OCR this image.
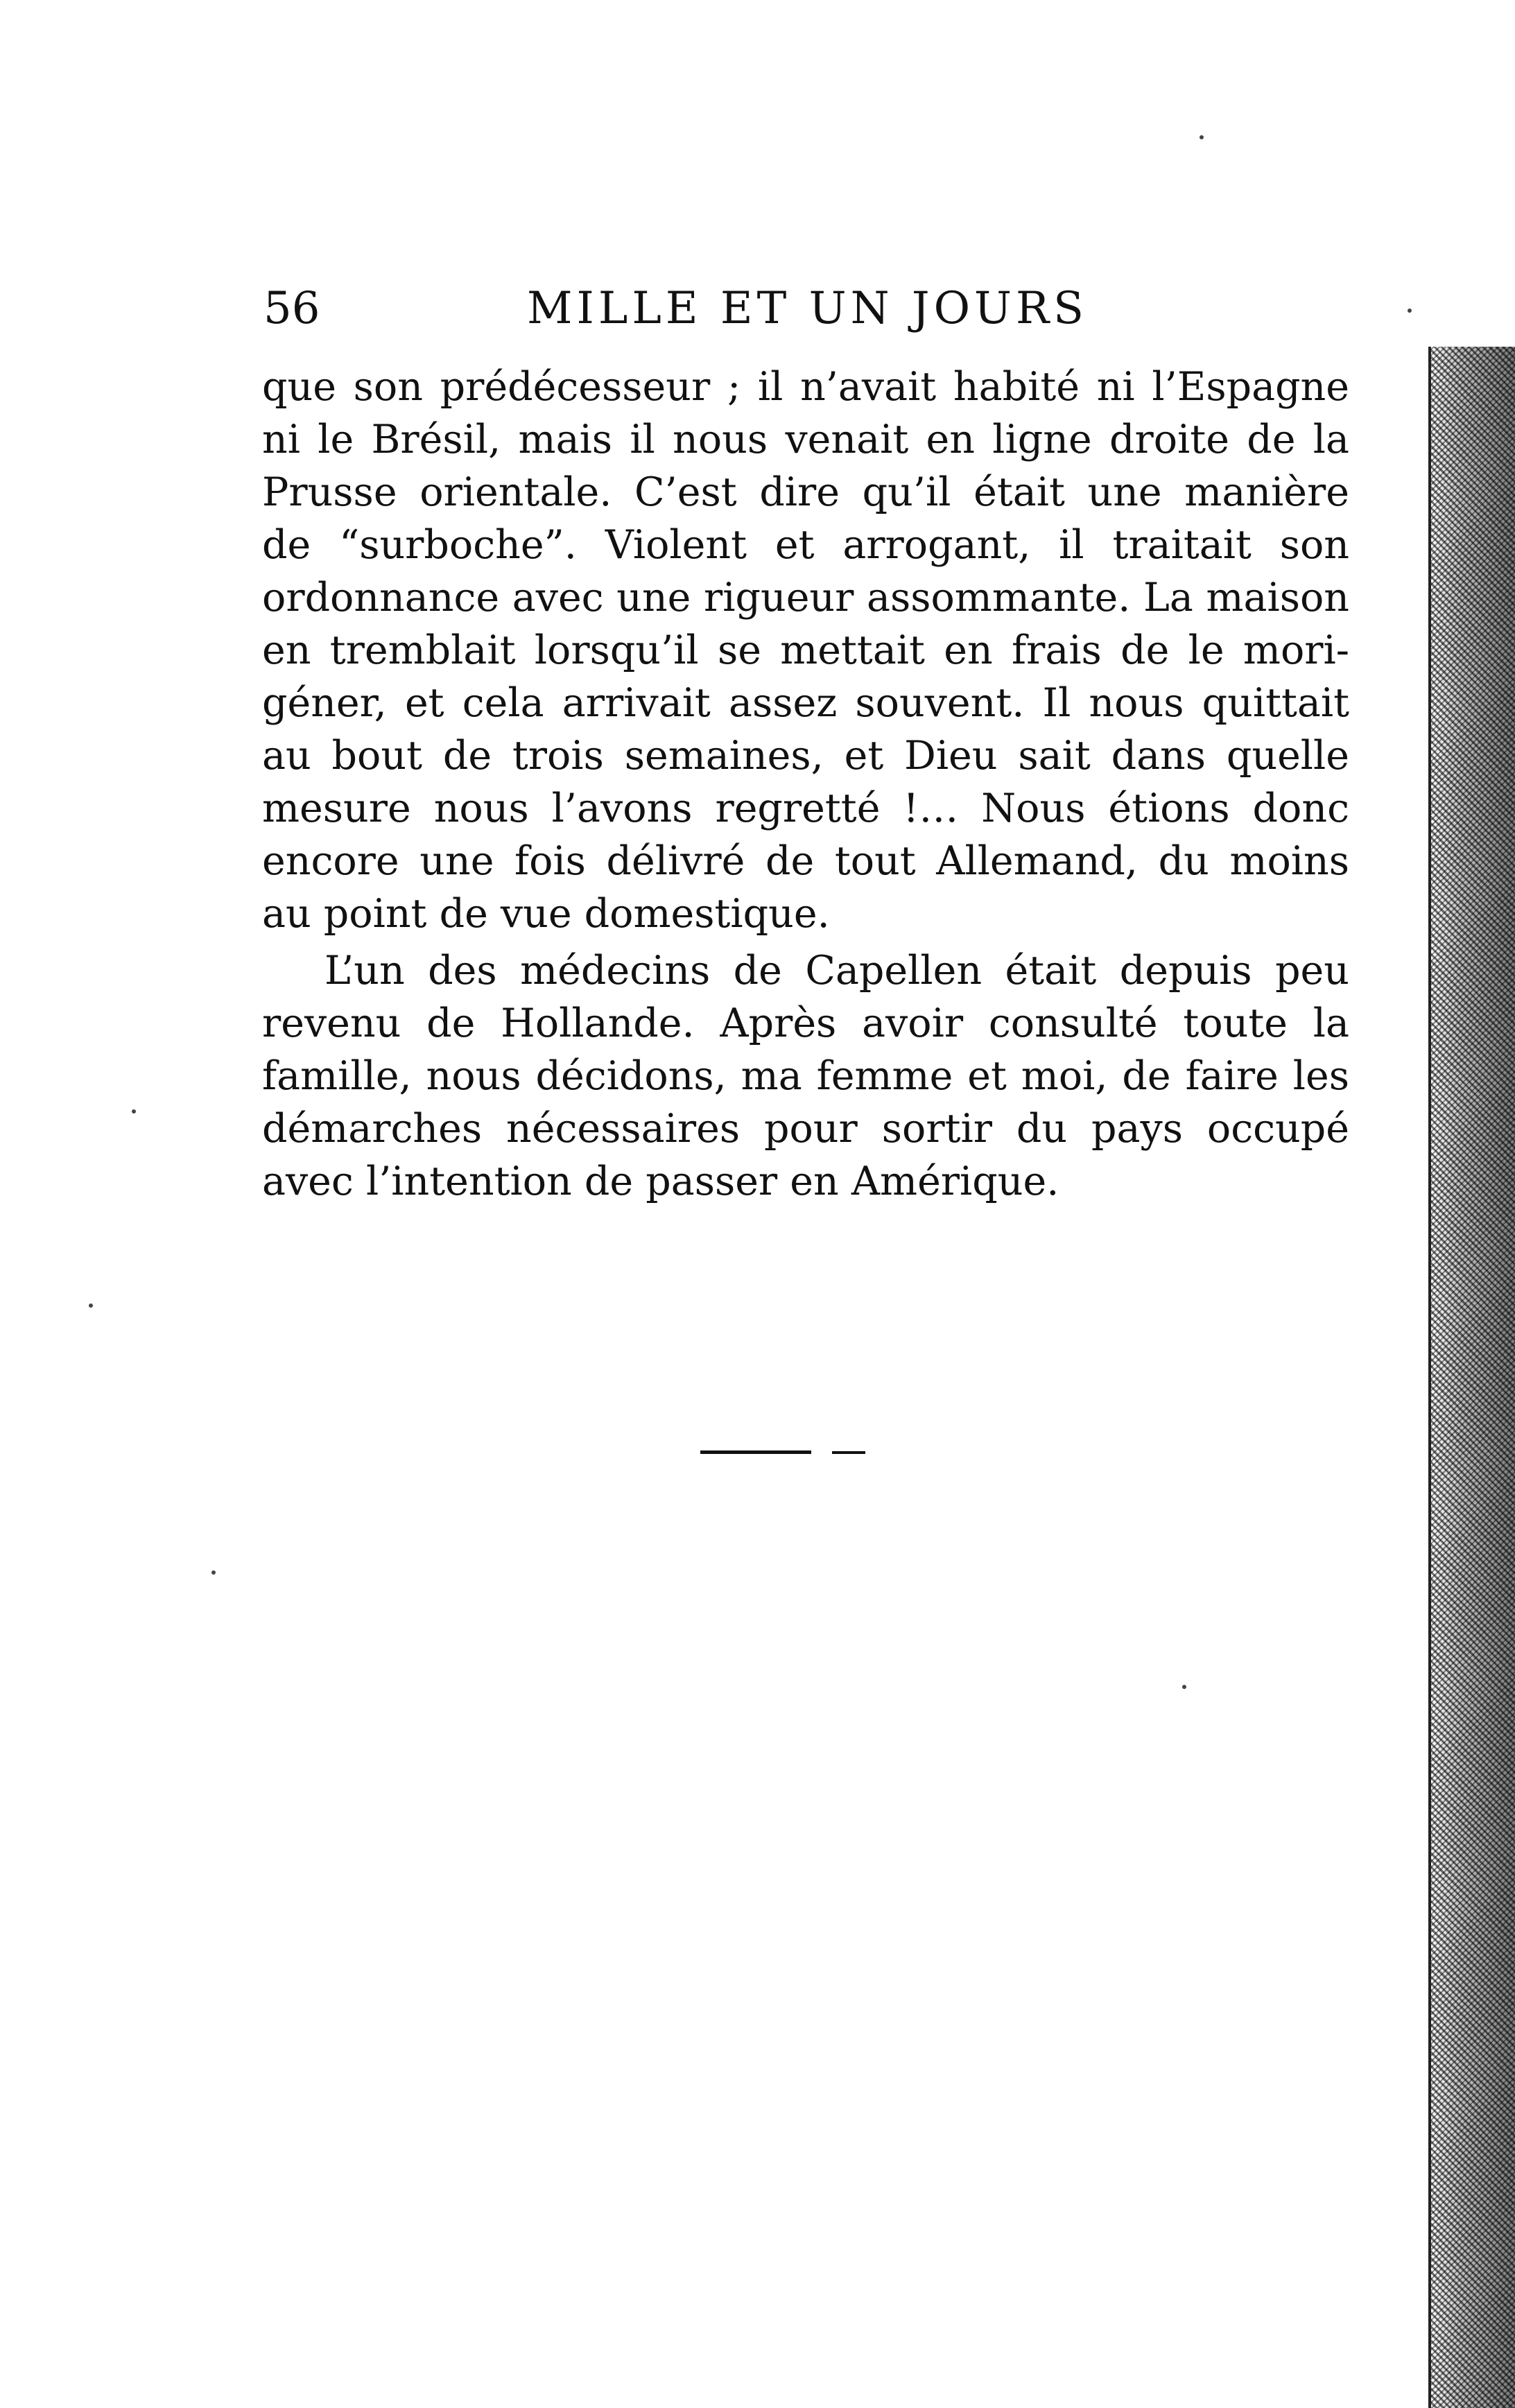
56	MILLE ET UN JOURS
que son prédécesseur ; il n’avait habité ni l’Espagne
ni le Brésil, mais il nous venait en ligne droite de la
Prusse orientale. C’est dire qu’il était une manière
de “surboche”. Violent et arrogant, il traitait son
ordonnance avec une rigueur assommante. La maison
en tremblait lorsqu’il se mettait en frais de le mori-
géner, et cela arrivait assez souvent. Il nous quittait
au bout de trois semaines, et Dieu sait dans quelle
mesure nous l’avons regretté !… Nous étions donc
encore une fois délivré de tout Allemand, du moins
au point de vue domestique.
L’un des médecins de Capellen était depuis peu
revenu de Hollande. Après avoir consulté toute la
famille, nous décidons, ma femme et moi, de faire les
démarches nécessaires pour sortir du pays occupé
avec l’intention de passer en Amérique.
